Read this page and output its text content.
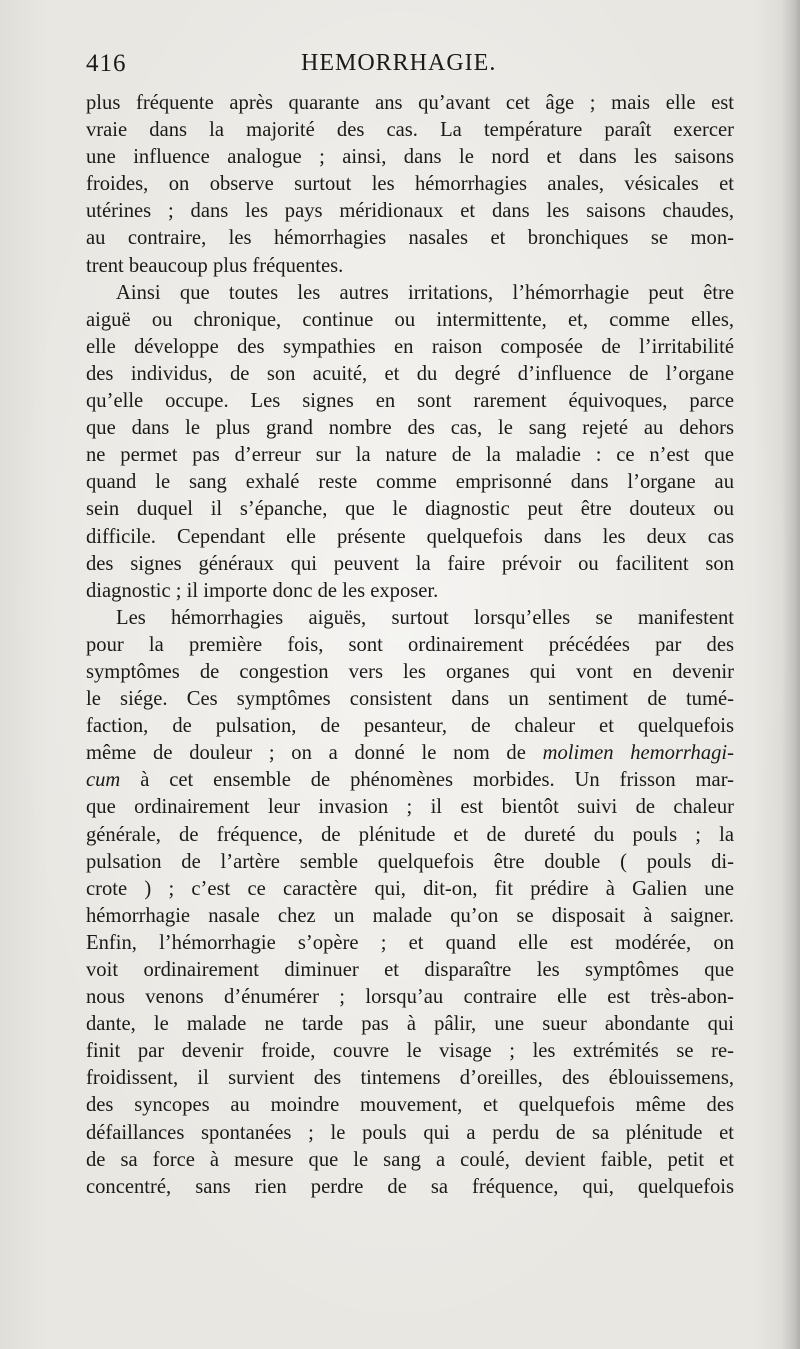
416	HEMORRHAGIE.
plus fréquente après quarante ans qu’avant cet âge ; mais elle est
vraie dans la majorité des cas. La température paraît exercer
une influence analogue ; ainsi, dans le nord et dans les saisons
froides, on observe surtout les hémorrhagies anales, vésicales et
utérines ; dans les pays méridionaux et dans les saisons chaudes,
au contraire, les hémorrhagies nasales et bronchiques se mon-
trent beaucoup plus fréquentes.
Ainsi que toutes les autres irritations, l’hémorrhagie peut être
aiguë ou chronique, continue ou intermittente, et, comme elles,
elle développe des sympathies en raison composée de l’irritabilité
des individus, de son acuité, et du degré d’influence de l’organe
qu’elle occupe. Les signes en sont rarement équivoques, parce
que dans le plus grand nombre des cas, le sang rejeté au dehors
ne permet pas d’erreur sur la nature de la maladie : ce n’est que
quand le sang exhalé reste comme emprisonné dans l’organe au
sein duquel il s’épanche, que le diagnostic peut être douteux ou
difficile. Cependant elle présente quelquefois dans les deux cas
des signes généraux qui peuvent la faire prévoir ou facilitent son
diagnostic ; il importe donc de les exposer.
Les hémorrhagies aiguës, surtout lorsqu’elles se manifestent
pour la première fois, sont ordinairement précédées par des
symptômes de congestion vers les organes qui vont en devenir
le siége. Ces symptômes consistent dans un sentiment de tumé-
faction, de pulsation, de pesanteur, de chaleur et quelquefois
même de douleur ; on a donné le nom de molimen hemorrhagi-
cum à cet ensemble de phénomènes morbides. Un frisson mar-
que ordinairement leur invasion ; il est bientôt suivi de chaleur
générale, de fréquence, de plénitude et de dureté du pouls ; la
pulsation de l’artère semble quelquefois être double ( pouls di-
crote ) ; c’est ce caractère qui, dit-on, fit prédire à Galien une
hémorrhagie nasale chez un malade qu’on se disposait à saigner.
Enfin, l’hémorrhagie s’opère ; et quand elle est modérée, on
voit ordinairement diminuer et disparaître les symptômes que
nous venons d’énumérer ; lorsqu’au contraire elle est très-abon-
dante, le malade ne tarde pas à pâlir, une sueur abondante qui
finit par devenir froide, couvre le visage ; les extrémités se re-
froidissent, il survient des tintemens d’oreilles, des éblouissemens,
des syncopes au moindre mouvement, et quelquefois même des
défaillances spontanées ; le pouls qui a perdu de sa plénitude et
de sa force à mesure que le sang a coulé, devient faible, petit et
concentré, sans rien perdre de sa fréquence, qui, quelquefois
